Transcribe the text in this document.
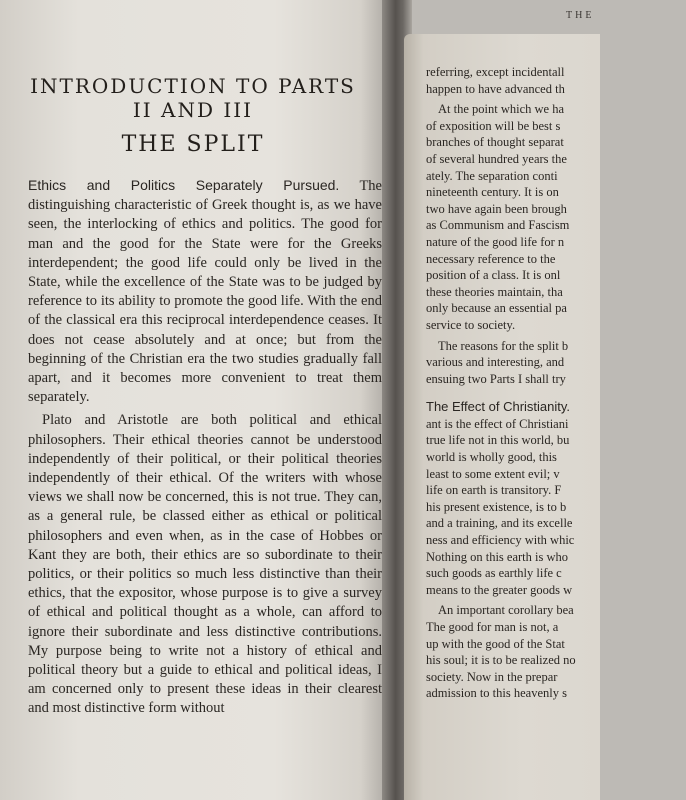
INTRODUCTION TO PARTS
II AND III
THE SPLIT

Ethics and Politics Separately Pursued. The distinguishing characteristic of Greek thought is, as we have seen, the interlocking of ethics and politics. The good for man and the good for the State were for the Greeks interdependent; the good life could only be lived in the State, while the excellence of the State was to be judged by reference to its ability to promote the good life. With the end of the classical era this reciprocal interdependence ceases. It does not cease absolutely and at once; but from the beginning of the Christian era the two studies gradually fall apart, and it becomes more convenient to treat them separately.

Plato and Aristotle are both political and ethical philosophers. Their ethical theories cannot be understood independently of their political, or their political theories independently of their ethical. Of the writers with whose views we shall now be concerned, this is not true. They can, as a general rule, be classed either as ethical or political philosophers and even when, as in the case of Hobbes or Kant they are both, their ethics are so subordinate to their politics, or their politics so much less distinctive than their ethics, that the expositor, whose purpose is to give a survey of ethical and political thought as a whole, can afford to ignore their subordinate and less distinctive contributions. My purpose being to write not a history of ethical and political theory but a guide to ethical and political ideas, I am concerned only to present these ideas in their clearest and most distinctive form without

THE

referring, except incidentall
happen to have advanced th

At the point which we ha
of exposition will be best s
branches of thought separat
of several hundred years the
ately. The separation conti
nineteenth century. It is on
two have again been brough
as Communism and Fascism
nature of the good life for n
necessary reference to the
position of a class. It is onl
these theories maintain, tha
only because an essential pa
service to society.

The reasons for the split b
various and interesting, and
ensuing two Parts I shall try

The Effect of Christianity.

ant is the effect of Christiani
true life not in this world, bu
world is wholly good, this
least to some extent evil; v
life on earth is transitory. F
his present existence, is to b
and a training, and its excelle
ness and efficiency with whic
Nothing on this earth is who
such goods as earthly life c
means to the greater goods w

An important corollary bea
The good for man is not, a
up with the good of the Stat
his soul; it is to be realized no
society. Now in the prepar
admission to this heavenly s
